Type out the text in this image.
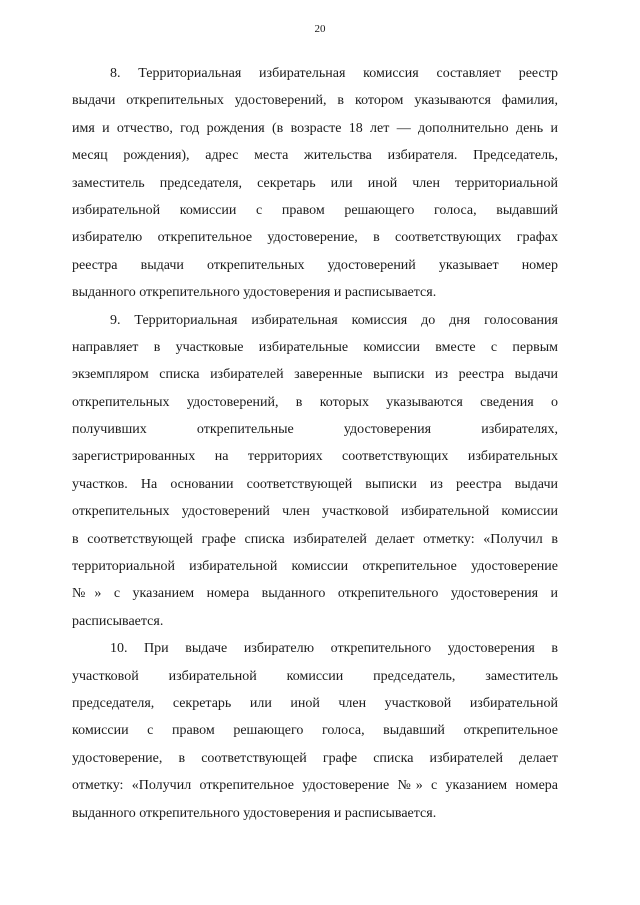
20
8. Территориальная избирательная комиссия составляет реестр
выдачи открепительных удостоверений, в котором указываются фамилия,
имя и отчество, год рождения (в возрасте 18 лет — дополнительно день и
месяц рождения), адрес места жительства избирателя. Председатель,
заместитель председателя, секретарь или иной член территориальной
избирательной комиссии с правом решающего голоса, выдавший
избирателю открепительное удостоверение, в соответствующих графах
реестра выдачи открепительных удостоверений указывает номер
выданного открепительного удостоверения и расписывается.
9. Территориальная избирательная комиссия до дня голосования
направляет в участковые избирательные комиссии вместе с первым
экземпляром списка избирателей заверенные выписки из реестра выдачи
открепительных удостоверений, в которых указываются сведения о
получивших открепительные удостоверения избирателях,
зарегистрированных на территориях соответствующих избирательных
участков. На основании соответствующей выписки из реестра выдачи
открепительных удостоверений член участковой избирательной комиссии
в соответствующей графе списка избирателей делает отметку: «Получил в
территориальной избирательной комиссии открепительное удостоверение
№» с указанием номера выданного открепительного удостоверения и
расписывается.
10. При выдаче избирателю открепительного удостоверения в
участковой избирательной комиссии председатель, заместитель
председателя, секретарь или иной член участковой избирательной
комиссии с правом решающего голоса, выдавший открепительное
удостоверение, в соответствующей графе списка избирателей делает
отметку: «Получил открепительное удостоверение №» с указанием номера
выданного открепительного удостоверения и расписывается.
